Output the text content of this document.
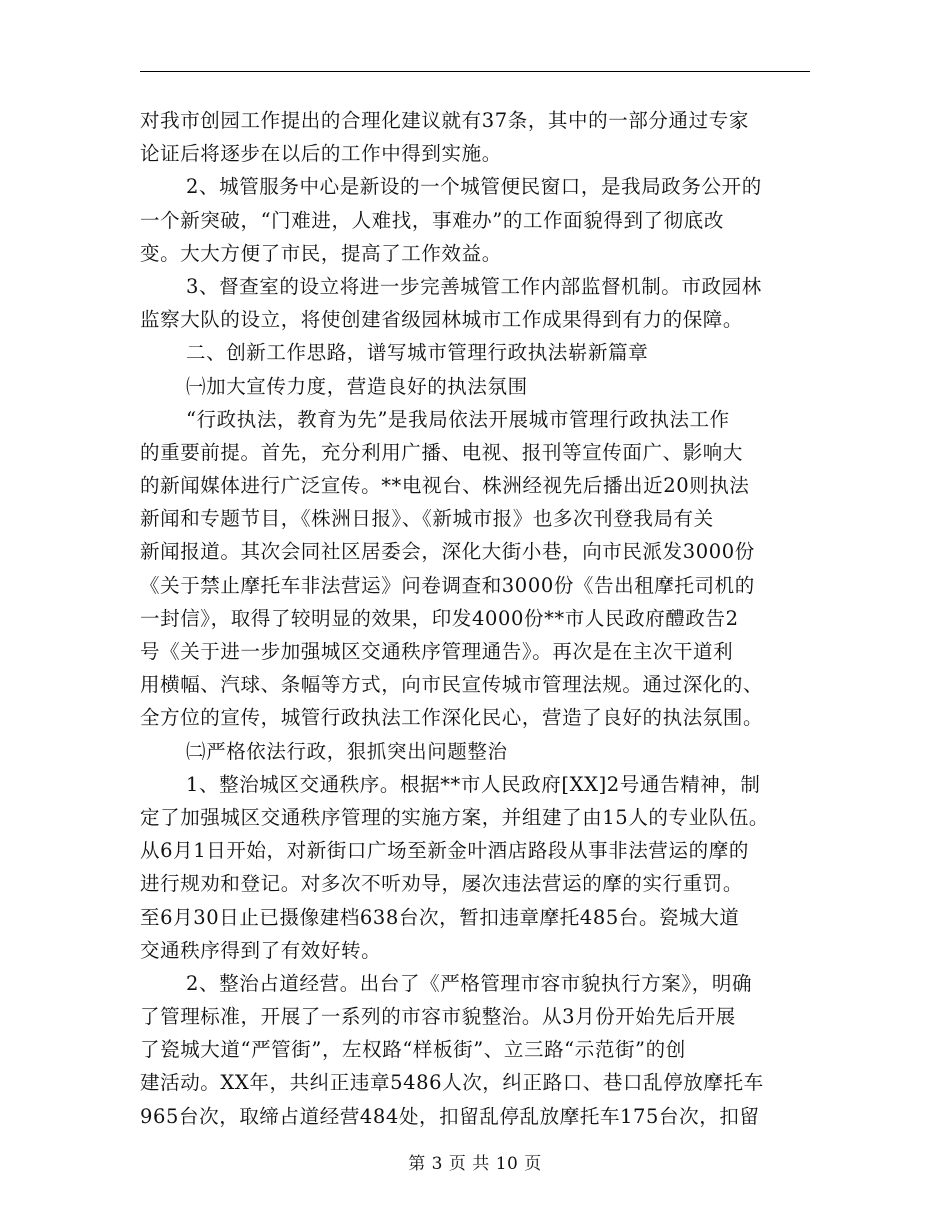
对我市创园工作提出的合理化建议就有37条，其中的一部分通过专家
论证后将逐步在以后的工作中得到实施。
2、城管服务中心是新设的一个城管便民窗口，是我局政务公开的
一个新突破，“门难进，人难找，事难办”的工作面貌得到了彻底改
变。大大方便了市民，提高了工作效益。
3、督查室的设立将进一步完善城管工作内部监督机制。市政园林
监察大队的设立，将使创建省级园林城市工作成果得到有力的保障。
二、创新工作思路，谱写城市管理行政执法崭新篇章
㈠加大宣传力度，营造良好的执法氛围
“行政执法，教育为先”是我局依法开展城市管理行政执法工作
的重要前提。首先，充分利用广播、电视、报刊等宣传面广、影响大
的新闻媒体进行广泛宣传。**电视台、株洲经视先后播出近20则执法
新闻和专题节目，《株洲日报》、《新城市报》也多次刊登我局有关
新闻报道。其次会同社区居委会，深化大街小巷，向市民派发3000份
《关于禁止摩托车非法营运》问卷调查和3000份《告出租摩托司机的
一封信》，取得了较明显的效果，印发4000份**市人民政府醴政告2
号《关于进一步加强城区交通秩序管理通告》。再次是在主次干道利
用横幅、汽球、条幅等方式，向市民宣传城市管理法规。通过深化的、
全方位的宣传，城管行政执法工作深化民心，营造了良好的执法氛围。
㈡严格依法行政，狠抓突出问题整治
1、整治城区交通秩序。根据**市人民政府[XX]2号通告精神，制
定了加强城区交通秩序管理的实施方案，并组建了由15人的专业队伍。
从6月1日开始，对新街口广场至新金叶酒店路段从事非法营运的摩的
进行规劝和登记。对多次不听劝导，屡次违法营运的摩的实行重罚。
至6月30日止已摄像建档638台次，暂扣违章摩托485台。瓷城大道
交通秩序得到了有效好转。
2、整治占道经营。出台了《严格管理市容市貌执行方案》，明确
了管理标准，开展了一系列的市容市貌整治。从3月份开始先后开展
了瓷城大道“严管街”，左权路“样板街”、立三路“示范街”的创
建活动。XX年，共纠正违章5486人次，纠正路口、巷口乱停放摩托车
965台次，取缔占道经营484处，扣留乱停乱放摩托车175台次，扣留
第 3 页 共 10 页
